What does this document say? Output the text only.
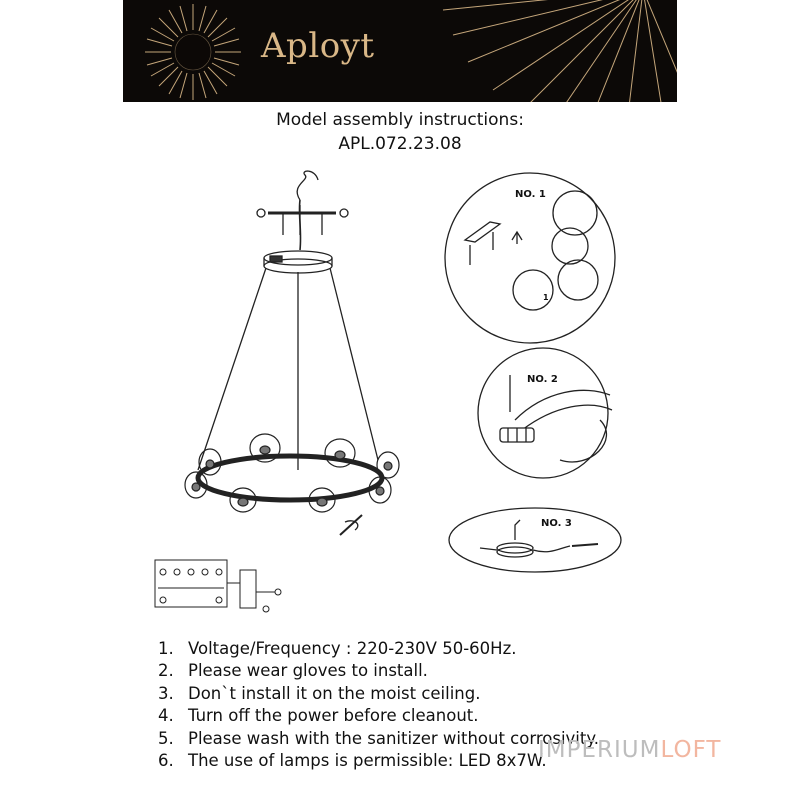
Aployt
Model assembly instructions:
APL.072.23.08
NO. 1
NO. 2
NO. 3
1
1. Voltage/Frequency : 220-230V 50-60Hz.
2. Please wear gloves to install.
3. Don`t install it on the moist ceiling.
4. Turn off the power before cleanout.
5. Please wash with the sanitizer without corrosivity.
6. The use of lamps is permissible: LED 8x7W.
IMPERIUMLOFT
